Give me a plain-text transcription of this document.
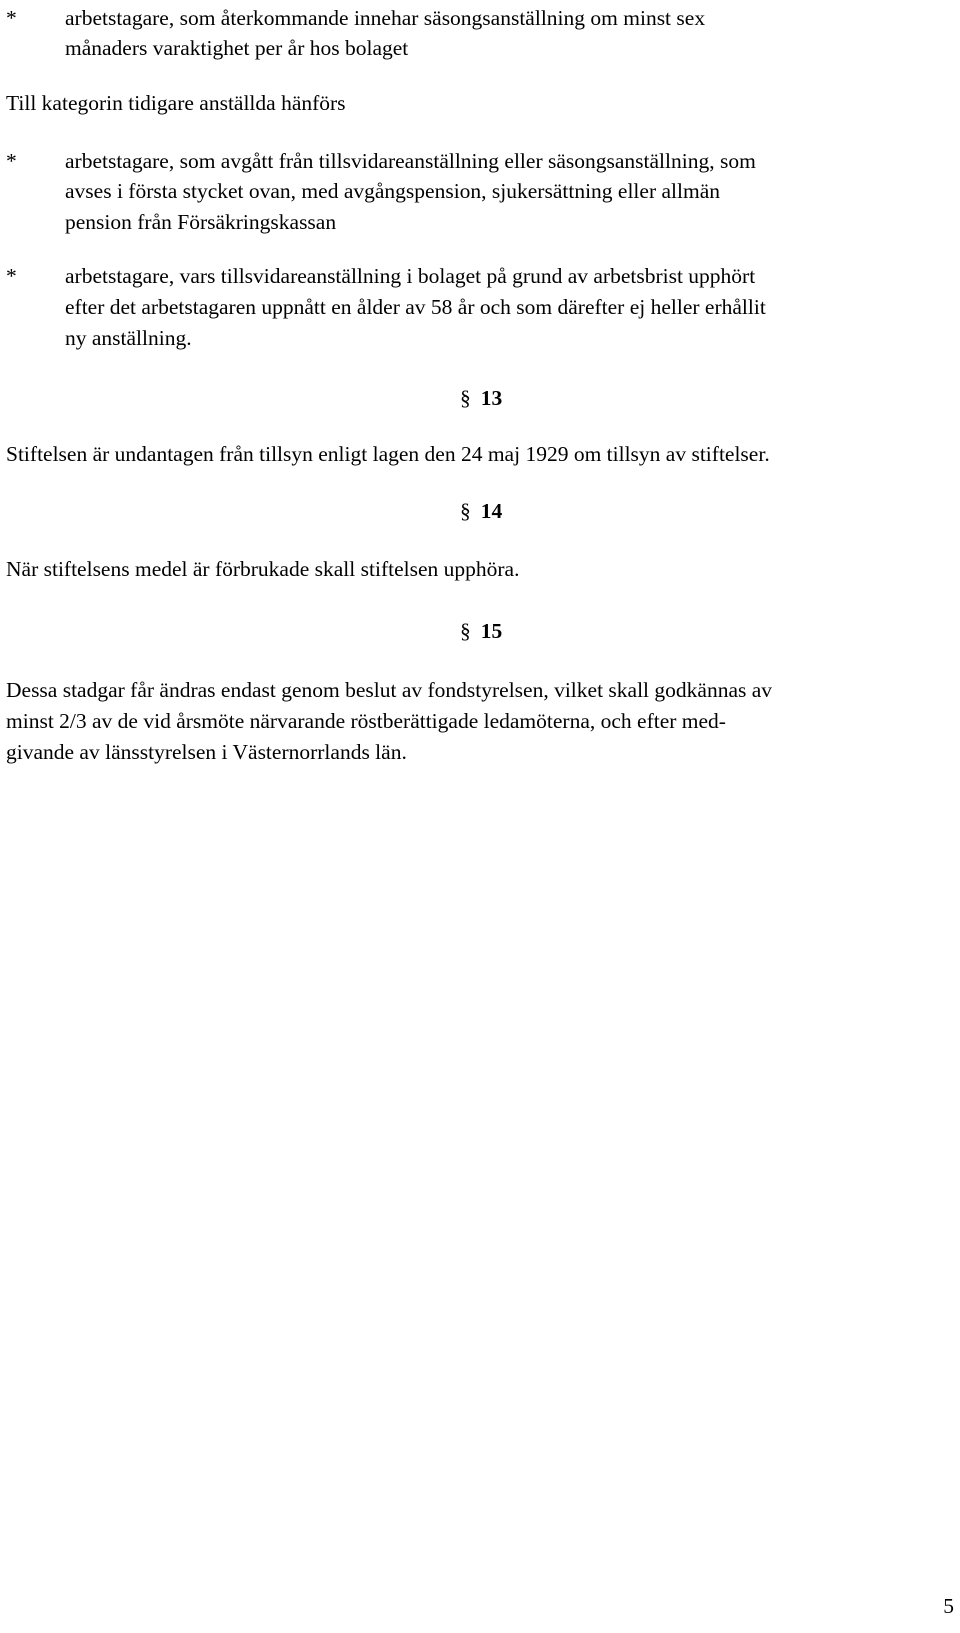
* arbetstagare, som återkommande innehar säsongsanställning om minst sex
månaders varaktighet per år hos bolaget
Till kategorin tidigare anställda hänförs
* arbetstagare, som avgått från tillsvidareanställning eller säsongsanställning, som
avses i första stycket ovan, med avgångspension, sjukersättning eller allmän
pension från Försäkringskassan
* arbetstagare, vars tillsvidareanställning i bolaget på grund av arbetsbrist upphört
efter det arbetstagaren uppnått en ålder av 58 år och som därefter ej heller erhållit
ny anställning.
§ 13
Stiftelsen är undantagen från tillsyn enligt lagen den 24 maj 1929 om tillsyn av stiftelser.
§ 14
När stiftelsens medel är förbrukade skall stiftelsen upphöra.
§ 15
Dessa stadgar får ändras endast genom beslut av fondstyrelsen, vilket skall godkännas av
minst 2/3 av de vid årsmöte närvarande röstberättigade ledamöterna, och efter med-
givande av länsstyrelsen i Västernorrlands län.
5
